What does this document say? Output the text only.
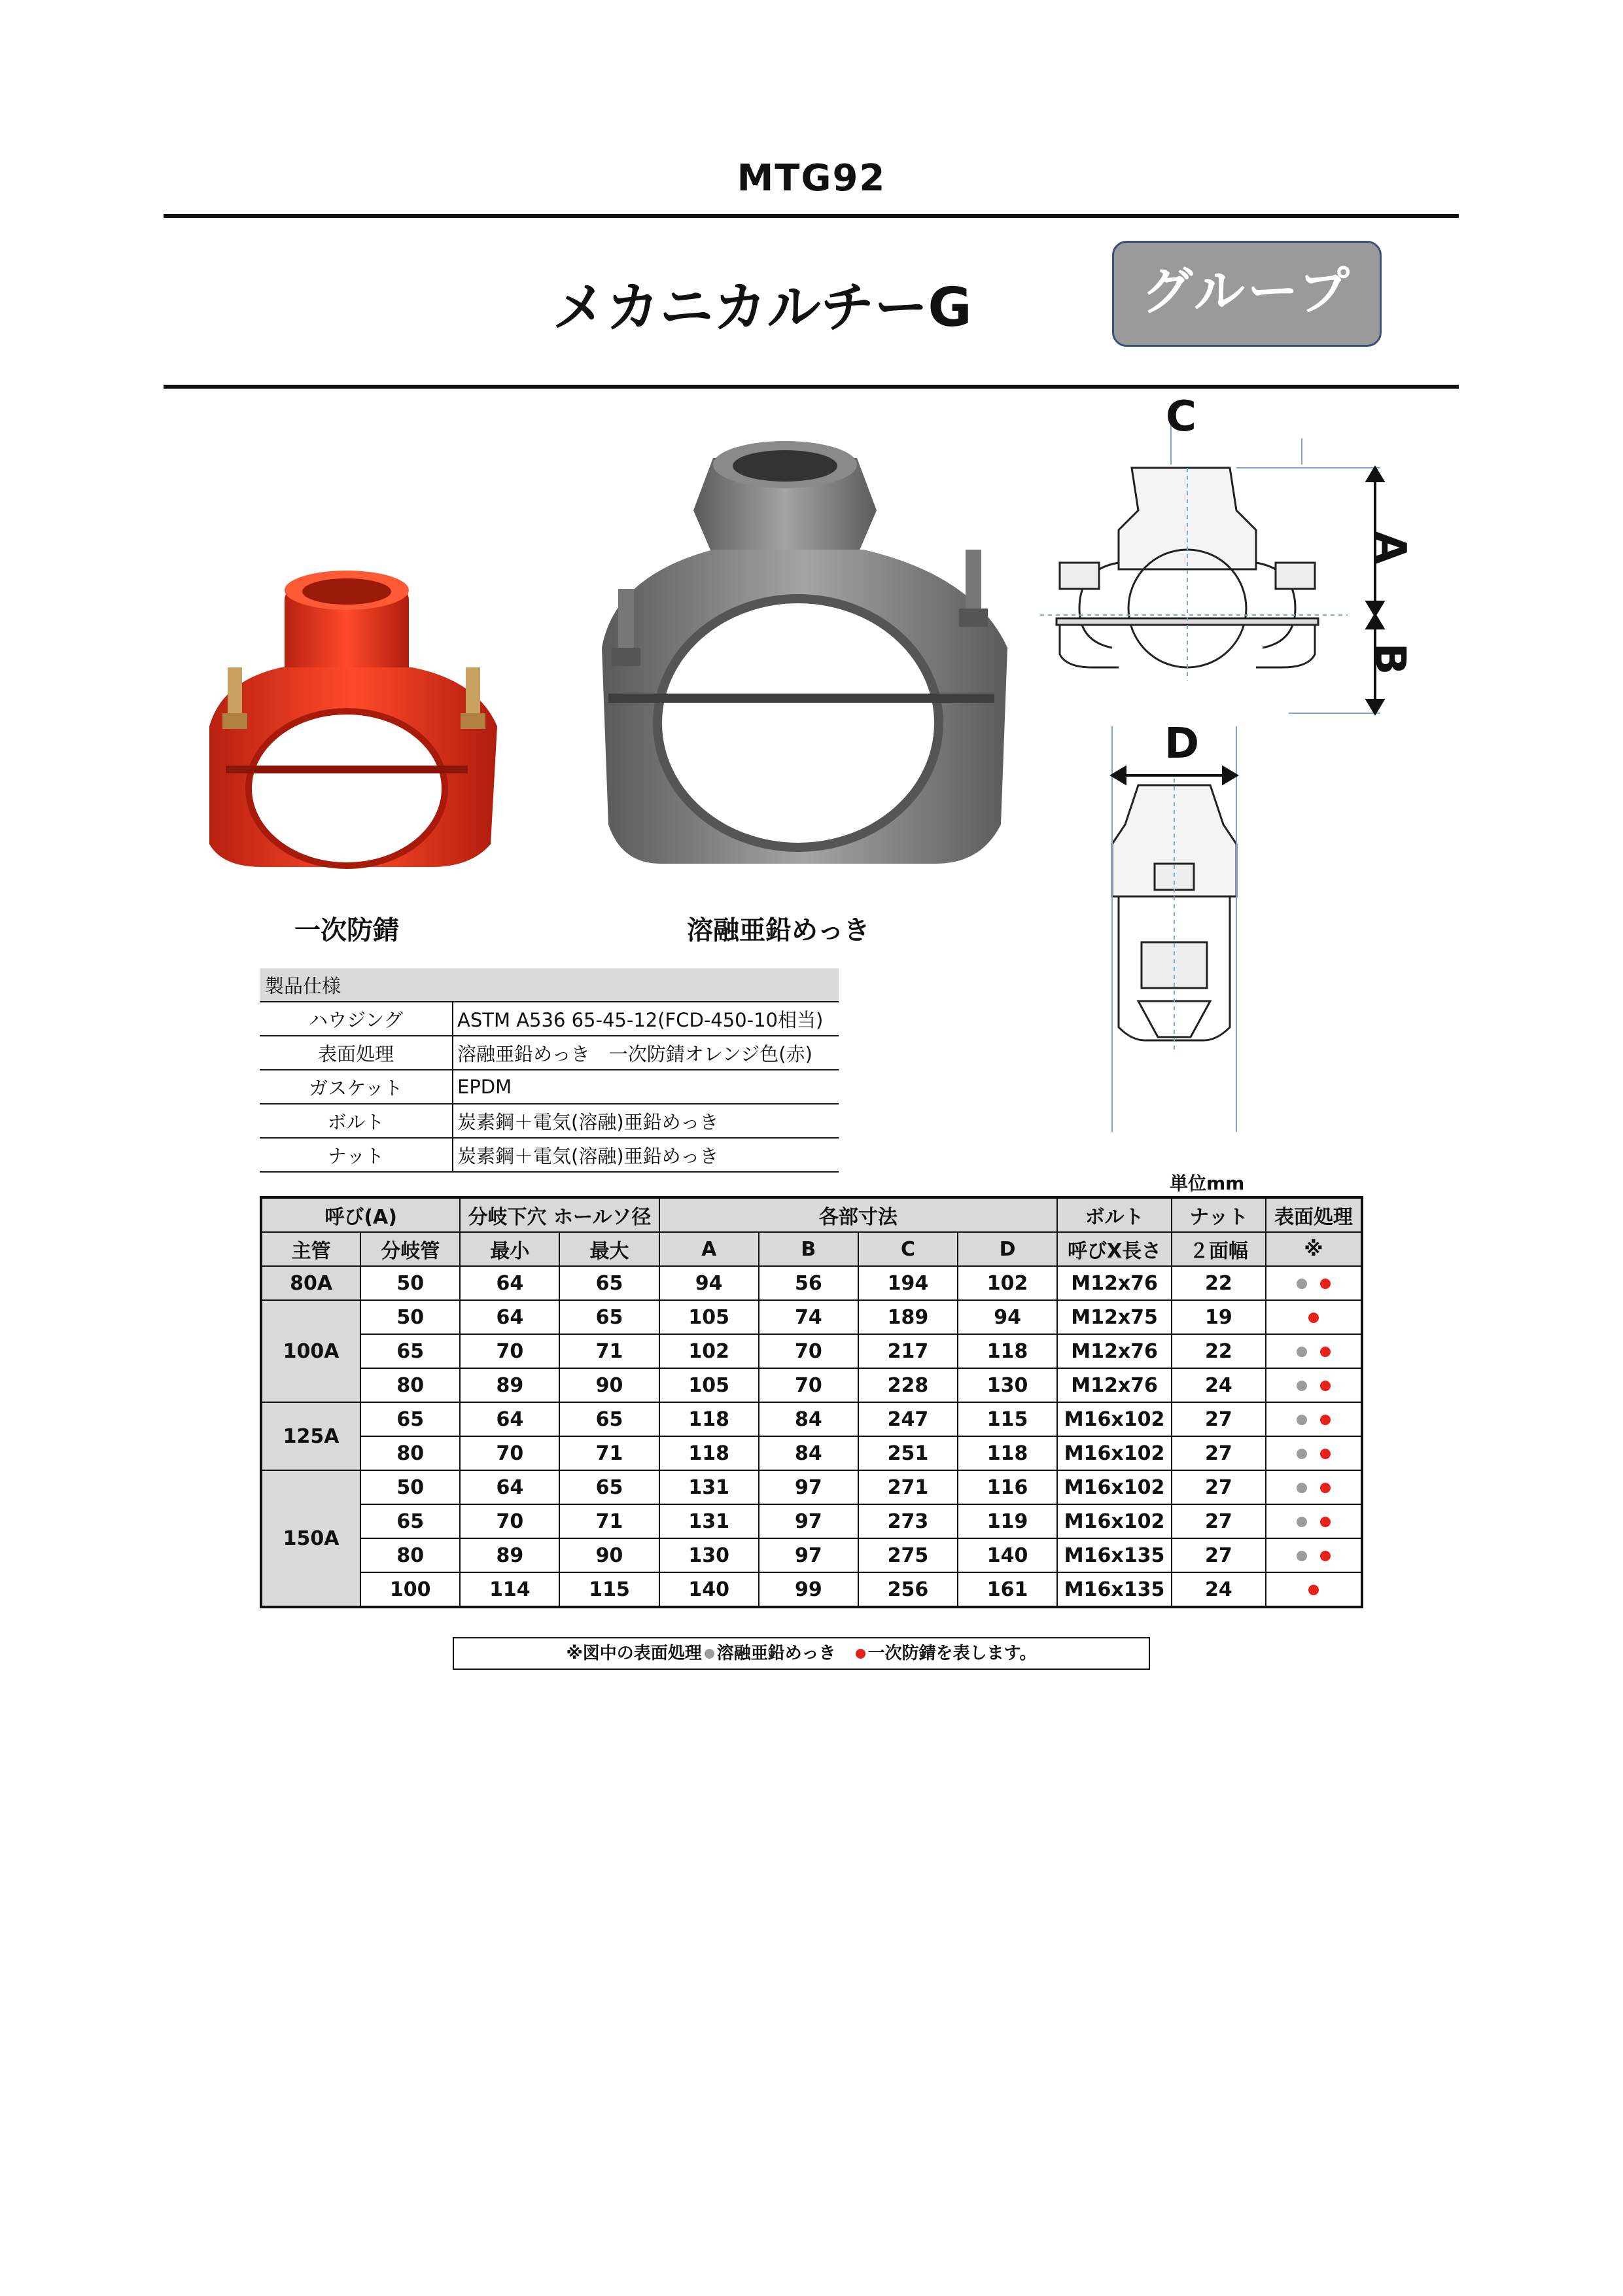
MTG92
メカニカルチーG	グループ
一次防錆	溶融亜鉛めっき
C
A
B
D
製品仕様	
ハウジング	ASTM A536 65-45-12(FCD-450-10相当)
表面処理	溶融亜鉛めっき　一次防錆オレンジ色(赤)
ガスケット	EPDM
ボルト	炭素鋼＋電気(溶融)亜鉛めっき
ナット	炭素鋼＋電気(溶融)亜鉛めっき
単位mm
呼び(A)		分岐下穴 ホールソ径		各部寸法				ボルト	ナット	表面処理
主管	分岐管	最小	最大	A	B	C	D	呼びX長さ	２面幅	※
80A	50	64	65	94	56	194	102	M12x76	22	
100A	50	64	65	105	74	189	94	M12x75	19	
	65	70	71	102	70	217	118	M12x76	22	
	80	89	90	105	70	228	130	M12x76	24	
125A	65	64	65	118	84	247	115	M16x102	27	
	80	70	71	118	84	251	118	M16x102	27	
150A	50	64	65	131	97	271	116	M16x102	27	
	65	70	71	131	97	273	119	M16x102	27	
	80	89	90	130	97	275	140	M16x135	27	
	100	114	115	140	99	256	161	M16x135	24	
※図中の表面処理 溶融亜鉛めっき　 一次防錆を表します。
